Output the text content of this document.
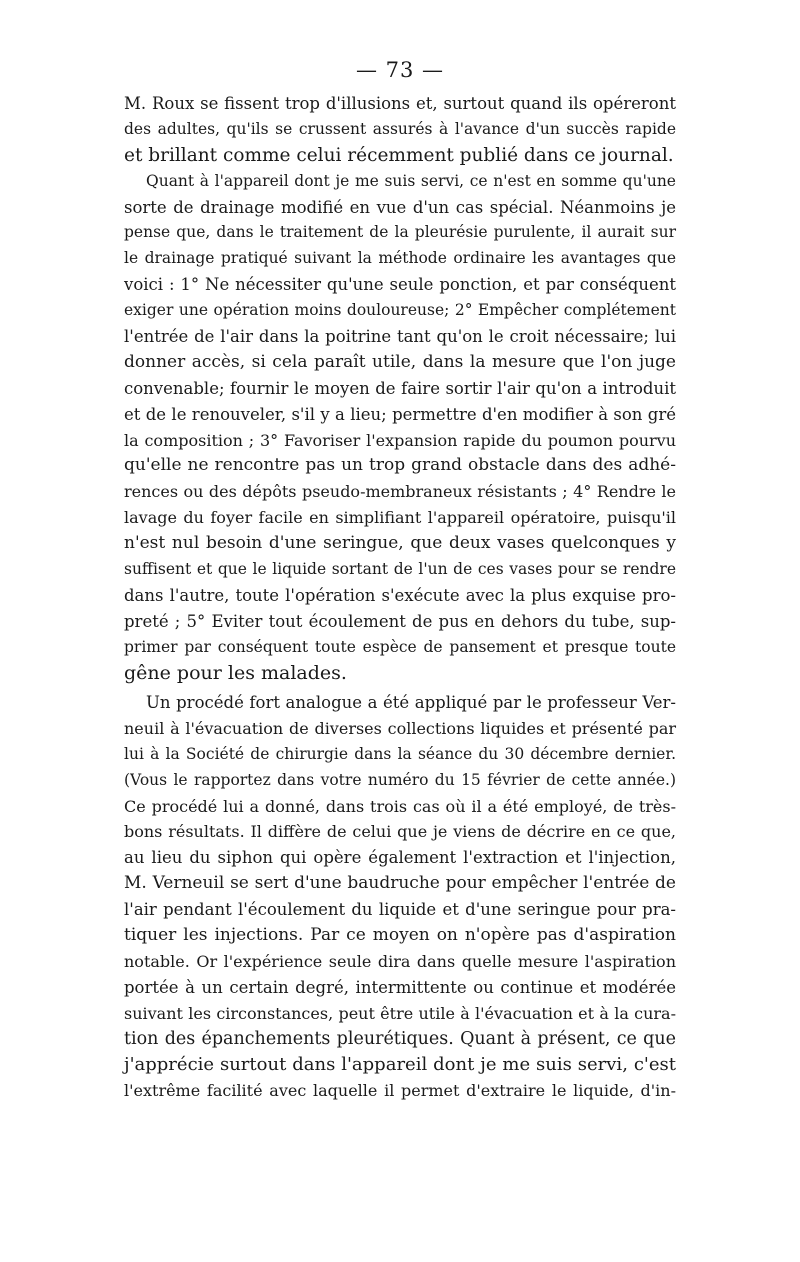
— 73 —
M. Roux se fissent trop d'illusions et, surtout quand ils opéreront
des adultes, qu'ils se crussent assurés à l'avance d'un succès rapide
et brillant comme celui récemment publié dans ce journal.
Quant à l'appareil dont je me suis servi, ce n'est en somme qu'une
sorte de drainage modifié en vue d'un cas spécial. Néanmoins je
pense que, dans le traitement de la pleurésie purulente, il aurait sur
le drainage pratiqué suivant la méthode ordinaire les avantages que
voici : 1° Ne nécessiter qu'une seule ponction, et par conséquent
exiger une opération moins douloureuse; 2° Empêcher complétement
l'entrée de l'air dans la poitrine tant qu'on le croit nécessaire; lui
donner accès, si cela paraît utile, dans la mesure que l'on juge
convenable; fournir le moyen de faire sortir l'air qu'on a introduit
et de le renouveler, s'il y a lieu; permettre d'en modifier à son gré
la composition ; 3° Favoriser l'expansion rapide du poumon pourvu
qu'elle ne rencontre pas un trop grand obstacle dans des adhé-
rences ou des dépôts pseudo-membraneux résistants ; 4° Rendre le
lavage du foyer facile en simplifiant l'appareil opératoire, puisqu'il
n'est nul besoin d'une seringue, que deux vases quelconques y
suffisent et que le liquide sortant de l'un de ces vases pour se rendre
dans l'autre, toute l'opération s'exécute avec la plus exquise pro-
preté ; 5° Eviter tout écoulement de pus en dehors du tube, sup-
primer par conséquent toute espèce de pansement et presque toute
gêne pour les malades.
Un procédé fort analogue a été appliqué par le professeur Ver-
neuil à l'évacuation de diverses collections liquides et présenté par
lui à la Société de chirurgie dans la séance du 30 décembre dernier.
(Vous le rapportez dans votre numéro du 15 février de cette année.)
Ce procédé lui a donné, dans trois cas où il a été employé, de très-
bons résultats. Il diffère de celui que je viens de décrire en ce que,
au lieu du siphon qui opère également l'extraction et l'injection,
M. Verneuil se sert d'une baudruche pour empêcher l'entrée de
l'air pendant l'écoulement du liquide et d'une seringue pour pra-
tiquer les injections. Par ce moyen on n'opère pas d'aspiration
notable. Or l'expérience seule dira dans quelle mesure l'aspiration
portée à un certain degré, intermittente ou continue et modérée
suivant les circonstances, peut être utile à l'évacuation et à la cura-
tion des épanchements pleurétiques. Quant à présent, ce que
j'apprécie surtout dans l'appareil dont je me suis servi, c'est
l'extrême facilité avec laquelle il permet d'extraire le liquide, d'in-
